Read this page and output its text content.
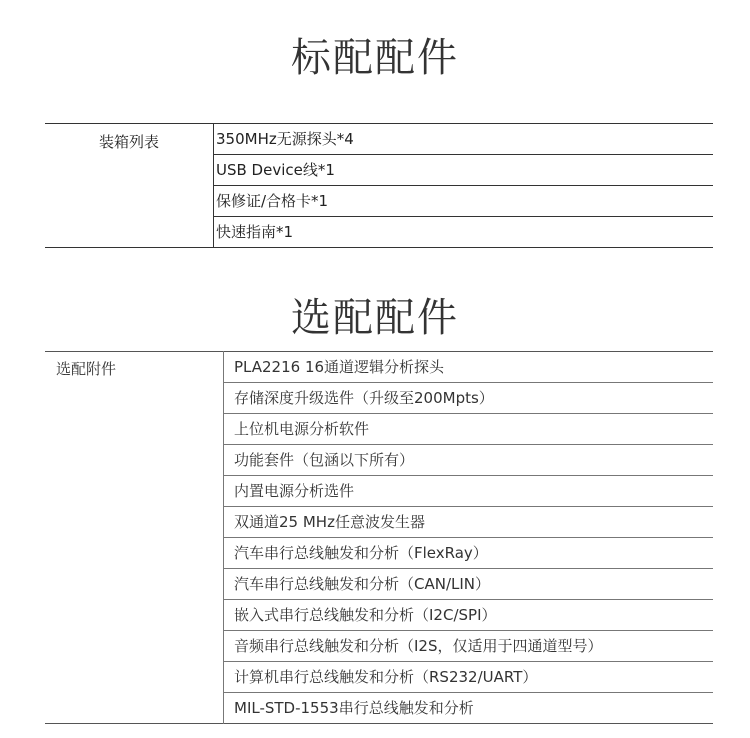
标配配件
装箱列表	350MHz无源探头*4
USB Device线*1
保修证/合格卡*1
快速指南*1
选配配件
选配附件	PLA2216 16通道逻辑分析探头
存储深度升级选件（升级至200Mpts）
上位机电源分析软件
功能套件（包涵以下所有）
内置电源分析选件
双通道25 MHz任意波发生器
汽车串行总线触发和分析（FlexRay）
汽车串行总线触发和分析（CAN/LIN）
嵌入式串行总线触发和分析（I2C/SPI）
音频串行总线触发和分析（I2S，仅适用于四通道型号）
计算机串行总线触发和分析（RS232/UART）
MIL-STD-1553串行总线触发和分析
